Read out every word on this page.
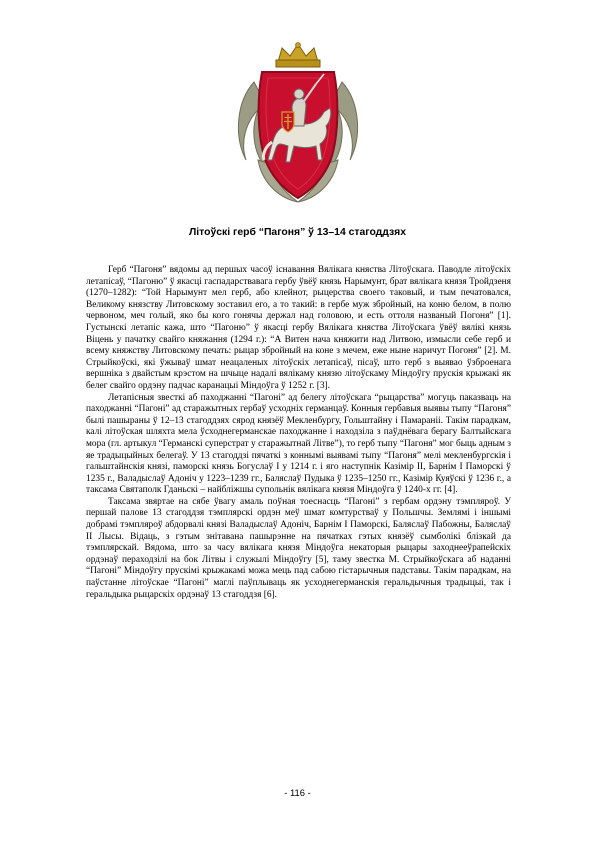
Літоўскі герб “Пагоня” ў 13–14 стагоддзях

Герб “Пагоня” вядомы ад першых часоў існавання Вялікага княства Літоўскага. Паводле літоўскіх летапісаў, “Пагоню” ў якасці гаспадарствавага гербу ўвёў князь Нарымунт, брат вялікага князя Тройдзеня (1270–1282): “Той Нарымунт мел герб, або клейнот, рыцерства своего таковый, и тым печатовался, Великому князству Литовскому зоставил его, а то такий: в гербе муж збройный, на коню белом, в полю червоном, меч голый, яко бы кого гонячы держал над головою, и есть оттоля названый Погоня” [1]. Густынскі летапіс кажа, што “Пагоню” ў якасці гербу Вялікага княства Літоўскага ўвёў вялікі князь Віцень у пачатку свайго княжання (1294 г.): “А Витен нача княжити над Литвою, измысли себе герб и всему княжству Литовскому печать: рыцар збройный на коне з мечем, еже ныне наричут Погоня” [2]. М. Стрыйкоўскі, які ўжываў шмат неацаленых літоўскіх летапісаў, пісаў, што герб з выявао ўзброенага вершніка з двайстым крэстом на шчыце надалі вялікаму князю літоўскаму Міндоўгу прускія крыжакі як белег свайго ордэну падчас каранацыі Міндоўга ў 1252 г. [3].

Летапісныя звесткі аб паходжанні “Пагоні” ад белегу літоўскага “рыцарства” могуць паказваць на паходжанні “Пагоні” ад старажытных гербаў усходніх германцаў. Конныя гербавыя выявы тыпу “Пагоня” былі пашыраны ў 12–13 стагоддзях сярод князёў Мекленбургу, Гольштайну і Памараніі. Такім парадкам, калі літоўская шляхта мела ўсходнегерманскае паходжанне і находзіла з паўднёвага берагу Балтыйскага мора (гл. артыкул “Германскі суперстрат у старажытнай Літве”), то герб тыпу “Пагоня” мог быць адным з яе традыцыйных белегаў. У 13 стагоддзі пячаткі з коннымі выявамі тыпу “Пагоня” мелі мекленбургскія і гальштайнскія князі, паморскі князь Богуслаў І у 1214 г. і яго наступнік Казімір ІІ, Барнім І Паморскі ў 1235 г., Валадыслаў Адоніч у 1223–1239 гг., Баляслаў Пудыка ў 1235–1250 гг., Казімір Куяўскі ў 1236 г., а таксама Святаполк Гданьскі – найбліжшы супольнік вялікага князя Міндоўга ў 1240-х гг. [4].

Таксама звяртае на сябе ўвагу амаль поўная тоеснасць “Пагоні” з гербам ордэну тэмпляроў. У першай палове 13 стагоддзя тэмплярскі ордэн меў шмат комтурстваў у Польшчы. Землямі і іншымі добрамі тэмпляроў абдорвалі князі Валадыслаў Адоніч, Барнім І Паморскі, Баляслаў Пабожны, Баляслаў ІІ Лысы. Відаць, з гэтым знітавана пашырэнне на пячатках гэтых князёў сымболікі блізкай да тэмплярскай. Вядома, што за часу вялікага князя Міндоўга некаторыя рыцары заходнееўрапейскіх ордэнаў пераходзілі на бок Літвы і служылі Міндоўгу [5], таму звестка М. Стрыйкоўскага аб наданні “Пагоні” Міндоўгу прускімі крыжакамі можа мець пад сабою гістарычныя падставы. Такім парадкам, на паўстанне літоўскае “Пагоні” маглі паўплываць як усходнегерманскія геральдычныя традыцыі, так і геральдыка рыцарскіх ордэнаў 13 стагоддзя [6].

- 116 -
